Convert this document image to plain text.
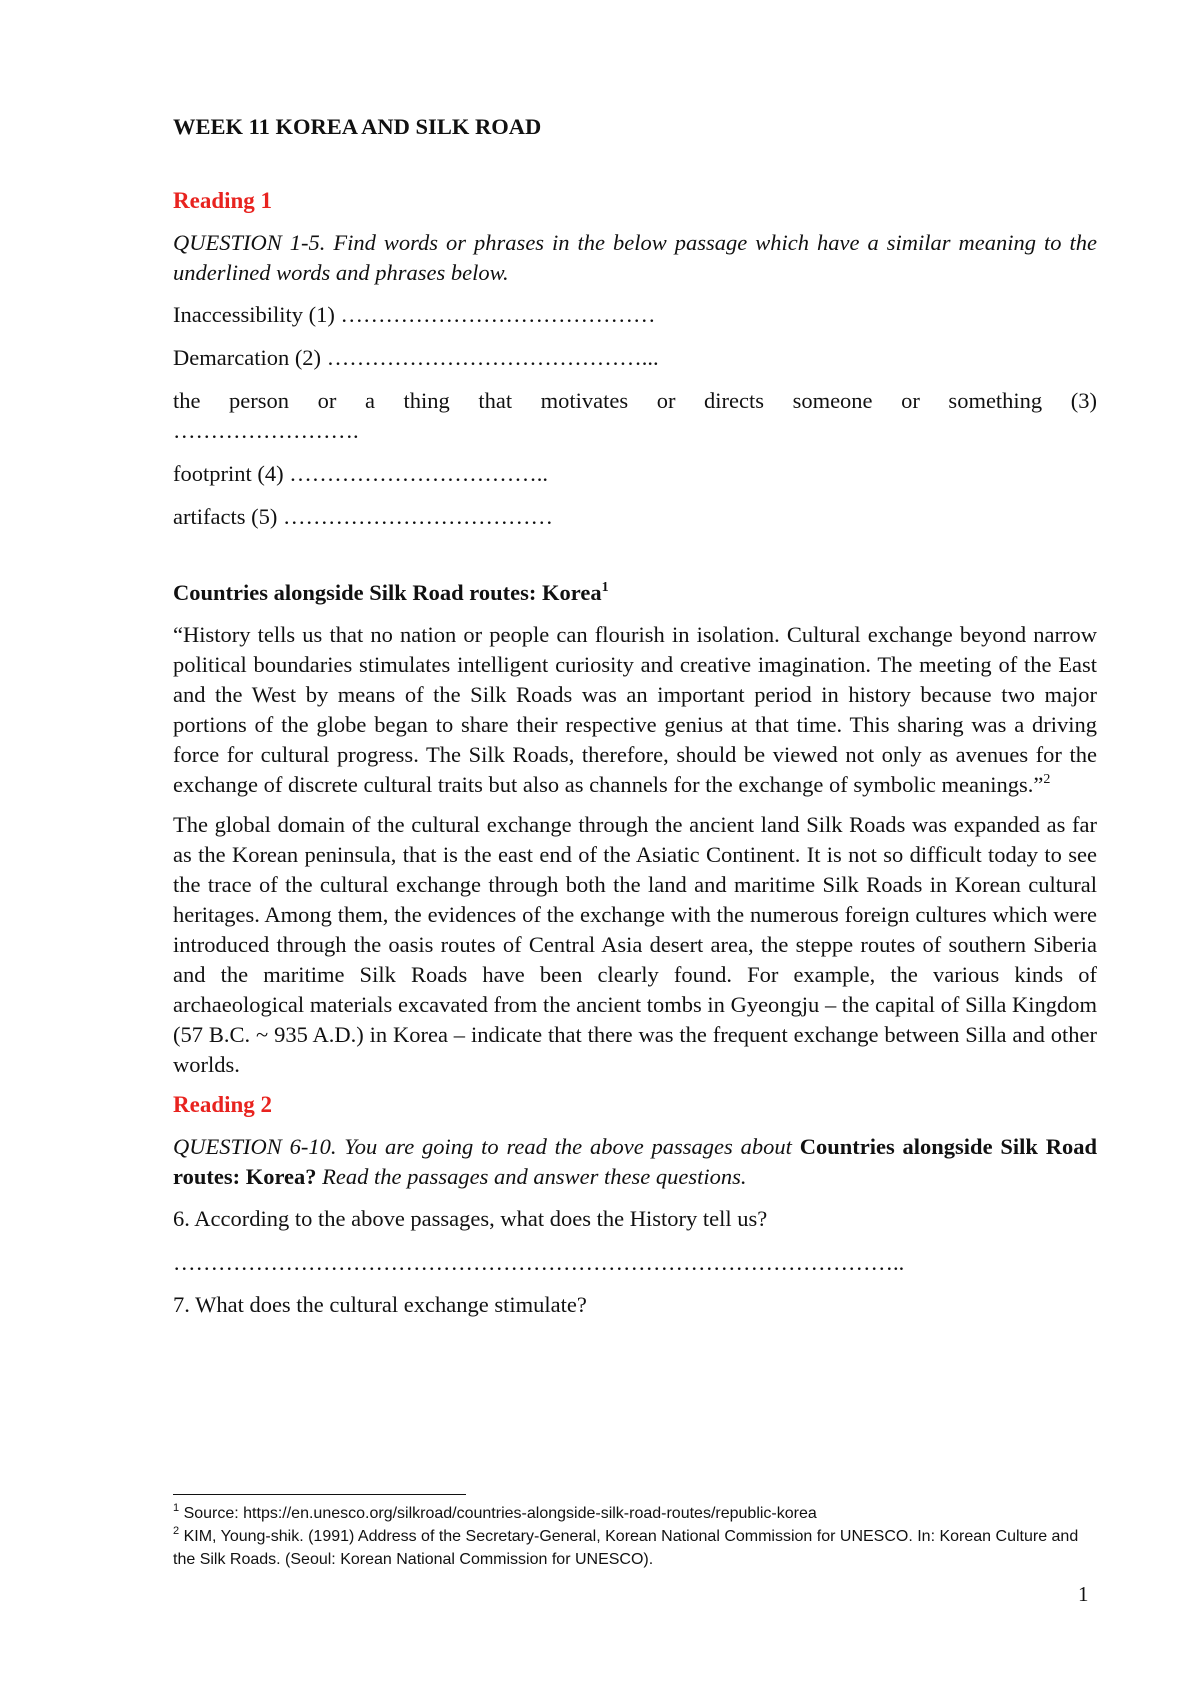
WEEK 11 KOREA AND SILK ROAD

Reading 1

QUESTION 1-5. Find words or phrases in the below passage which have a similar meaning to the underlined words and phrases below.

Inaccessibility (1) ……………………………………

Demarcation (2) ……………………………………...

the person or a thing that motivates or directs someone or something (3)

…………………….

footprint (4) ……………………………..

artifacts (5) ………………………………

Countries alongside Silk Road routes: Korea$^1$

“History tells us that no nation or people can flourish in isolation. Cultural exchange beyond narrow political boundaries stimulates intelligent curiosity and creative imagination. The meeting of the East and the West by means of the Silk Roads was an important period in history because two major portions of the globe began to share their respective genius at that time. This sharing was a driving force for cultural progress. The Silk Roads, therefore, should be viewed not only as avenues for the exchange of discrete cultural traits but also as channels for the exchange of symbolic meanings.”$^2$

The global domain of the cultural exchange through the ancient land Silk Roads was expanded as far as the Korean peninsula, that is the east end of the Asiatic Continent. It is not so difficult today to see the trace of the cultural exchange through both the land and maritime Silk Roads in Korean cultural heritages. Among them, the evidences of the exchange with the numerous foreign cultures which were introduced through the oasis routes of Central Asia desert area, the steppe routes of southern Siberia and the maritime Silk Roads have been clearly found. For example, the various kinds of archaeological materials excavated from the ancient tombs in Gyeongju – the capital of Silla Kingdom (57 B.C. ~ 935 A.D.) in Korea – indicate that there was the frequent exchange between Silla and other worlds.

Reading 2

QUESTION 6-10. You are going to read the above passages about Countries alongside Silk Road routes: Korea? Read the passages and answer these questions.

6. According to the above passages, what does the History tell us?

……………………………………………………………………………………..

7. What does the cultural exchange stimulate?

$^1$ Source: https://en.unesco.org/silkroad/countries-alongside-silk-road-routes/republic-korea

$^2$ KIM, Young-shik. (1991) Address of the Secretary-General, Korean National Commission for UNESCO. In: Korean Culture and the Silk Roads. (Seoul: Korean National Commission for UNESCO).

1
